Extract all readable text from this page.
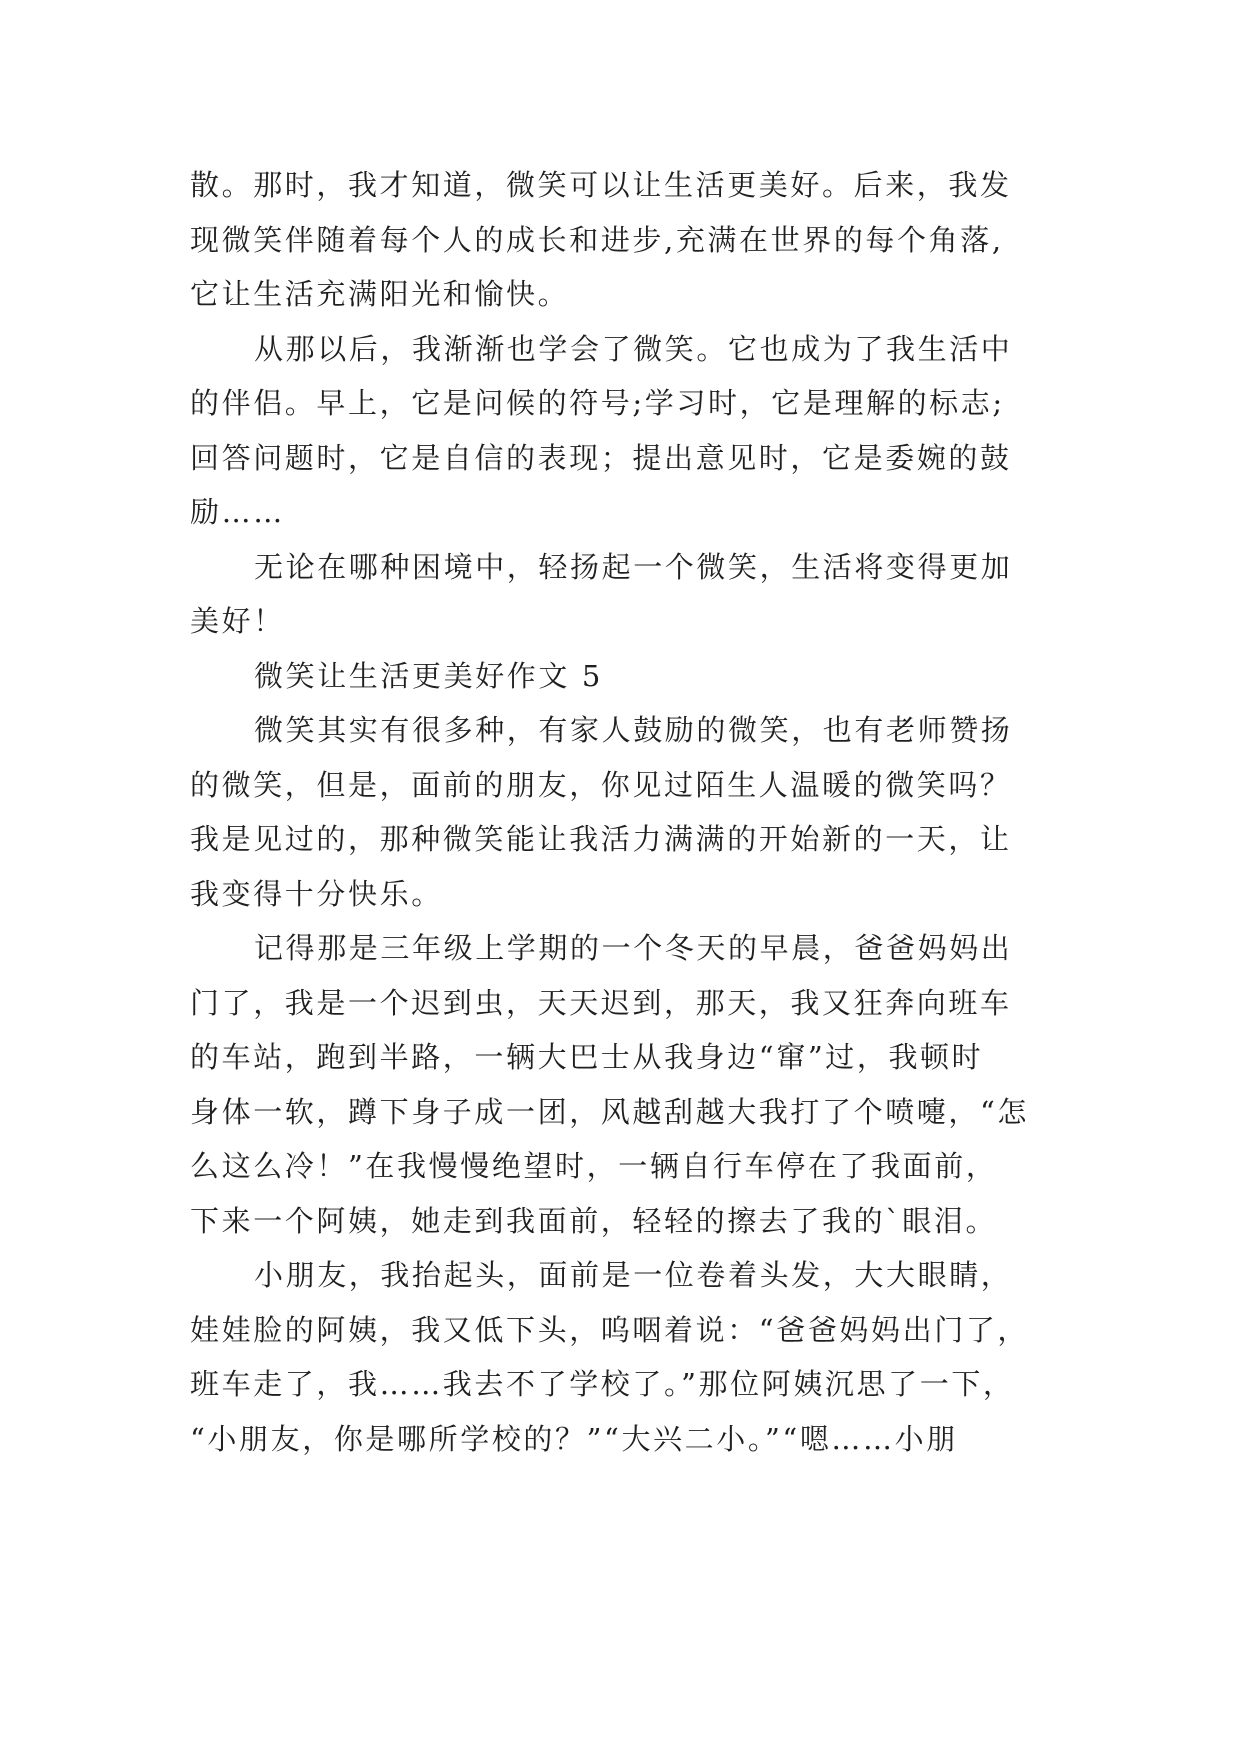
散。那时，我才知道，微笑可以让生活更美好。后来，我发
现微笑伴随着每个人的成长和进步,充满在世界的每个角落,
它让生活充满阳光和愉快。
从那以后，我渐渐也学会了微笑。它也成为了我生活中
的伴侣。早上，它是问候的符号;学习时，它是理解的标志;
回答问题时，它是自信的表现；提出意见时，它是委婉的鼓
励……
无论在哪种困境中，轻扬起一个微笑，生活将变得更加
美好！
微笑让生活更美好作文 5
微笑其实有很多种，有家人鼓励的微笑，也有老师赞扬
的微笑，但是，面前的朋友，你见过陌生人温暖的微笑吗？
我是见过的，那种微笑能让我活力满满的开始新的一天，让
我变得十分快乐。
记得那是三年级上学期的一个冬天的早晨，爸爸妈妈出
门了，我是一个迟到虫，天天迟到，那天，我又狂奔向班车
的车站，跑到半路，一辆大巴士从我身边“窜”过，我顿时
身体一软，蹲下身子成一团，风越刮越大我打了个喷嚏，“怎
么这么冷！”在我慢慢绝望时，一辆自行车停在了我面前，
下来一个阿姨，她走到我面前，轻轻的擦去了我的`眼泪。
小朋友，我抬起头，面前是一位卷着头发，大大眼睛，
娃娃脸的阿姨，我又低下头，呜咽着说：“爸爸妈妈出门了，
班车走了，我……我去不了学校了。”那位阿姨沉思了一下，
“小朋友，你是哪所学校的？”“大兴二小。”“嗯……小朋
